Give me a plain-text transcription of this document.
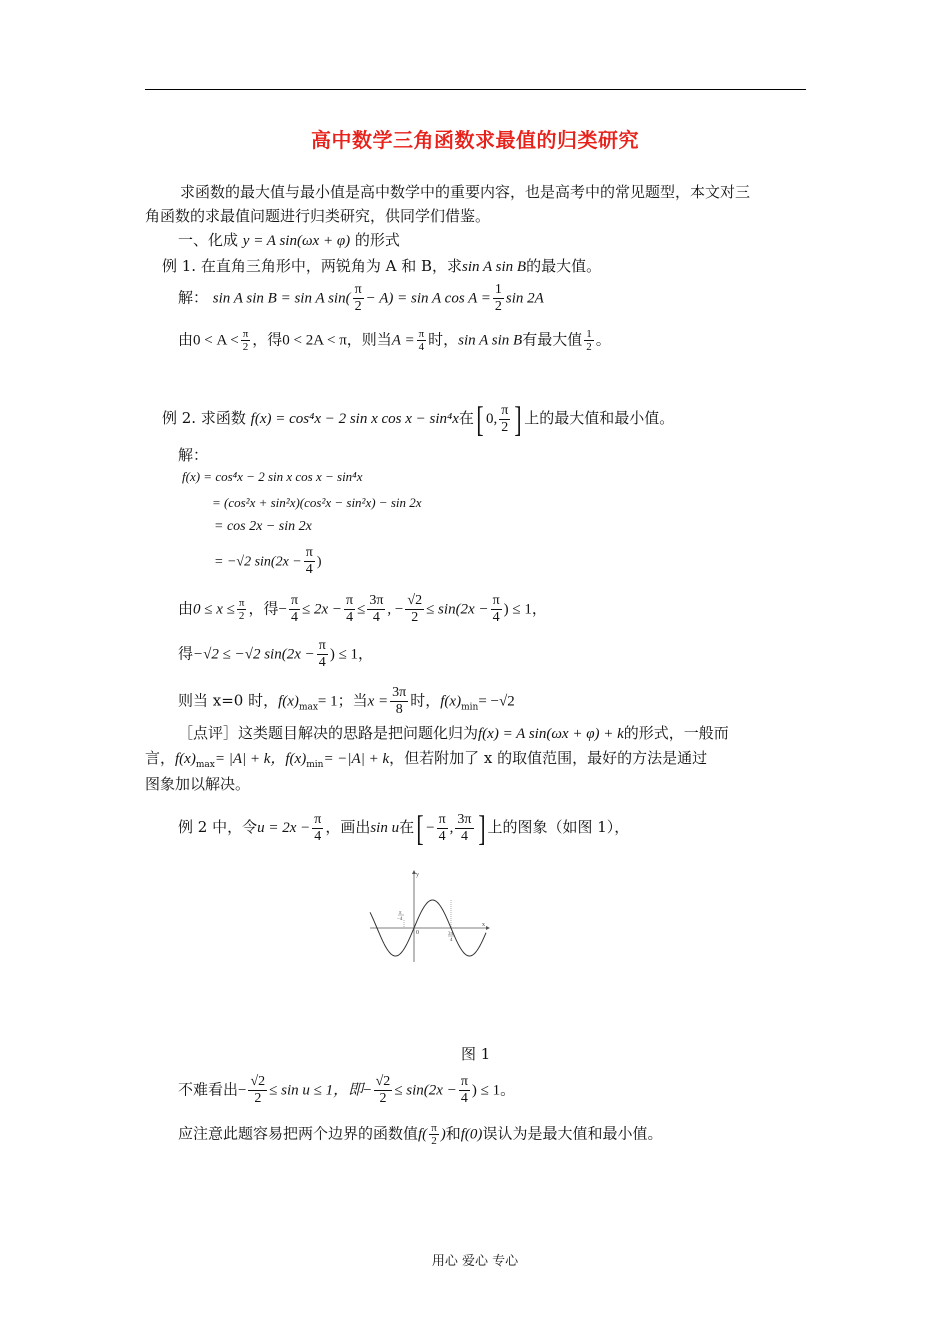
高中数学三角函数求最值的归类研究
求函数的最大值与最小值是高中数学中的重要内容，也是高考中的常见题型，本文对三
角函数的求最值问题进行归类研究，供同学们借鉴。
一、化成 y = A sin(ωx + φ) 的形式
例 1. 在直角三角形中，两锐角为 A 和 B，求sin A sin B的最大值。
解： sin A sin B = sin A $\sin( \frac{\pi}{2} - A) = \sin A$ $\cos A = \frac{1}{2}$ sin 2A
由$0 < A < \frac{\pi}{2}$ ，得0 < 2A < π，则当$A = \frac{\pi}{4}$ 时，sin A sin B有最大值 $\frac{1}{2}$ 。
例 2. 求函数 f(x) = cos⁴x − 2 sin x cos x − sin⁴x在[ 0, $\frac{\pi}{2}$ ] 上的最大值和最小值。
解：
f(x) = cos⁴x − 2 sin x cos x − sin⁴x
= (cos²x + sin²x)(cos²x − sin²x) − sin 2x
= cos 2x − sin 2x
= −√2 $\sin(2x - \frac{\pi}{4}$ )
由$0 \le x \le \frac{\pi}{2}$ ，得− $\frac{\pi}{4} \le 2x - \frac{\pi}{4} \le \frac{3\pi}{4}$ , − $\frac{√2}{2} \le \sin(2x - \frac{\pi}{4}$ ) ≤ 1，
得−√2 ≤ −√2 $\sin(2x - \frac{\pi}{4}$ ) ≤ 1，
则当 x=0 时，$f(x)_{max}= 1$；当$x = \frac{3\pi}{8}$ 时，$f(x)_{min}= -√2$
［点评］这类题目解决的思路是把问题化归为f(x) = A sin(ωx + φ) + k的形式，一般而
言，$f(x)_{max}= |A| + k$，$f(x)_{min}= -|A| + k$，但若附加了 x 的取值范围，最好的方法是通过
图象加以解决。
例 2 中，令$u = 2x - \frac{\pi}{4}$ ，画出sin u在[ − $\frac{\pi}{4}$ , $\frac{3\pi}{4}$ ] 上的图象（如图 1），
x
y
0
π
−4
3π
4
图 1
不难看出− $\frac{√2}{2} \le \sin u \le 1$，即− $\frac{√2}{2} \le \sin(2x - \frac{\pi}{4}$ ) ≤ 1。
应注意此题容易把两个边界的函数值$f( \frac{\pi}{2}$ )和f(0)误认为是最大值和最小值。
用心 爱心 专心
